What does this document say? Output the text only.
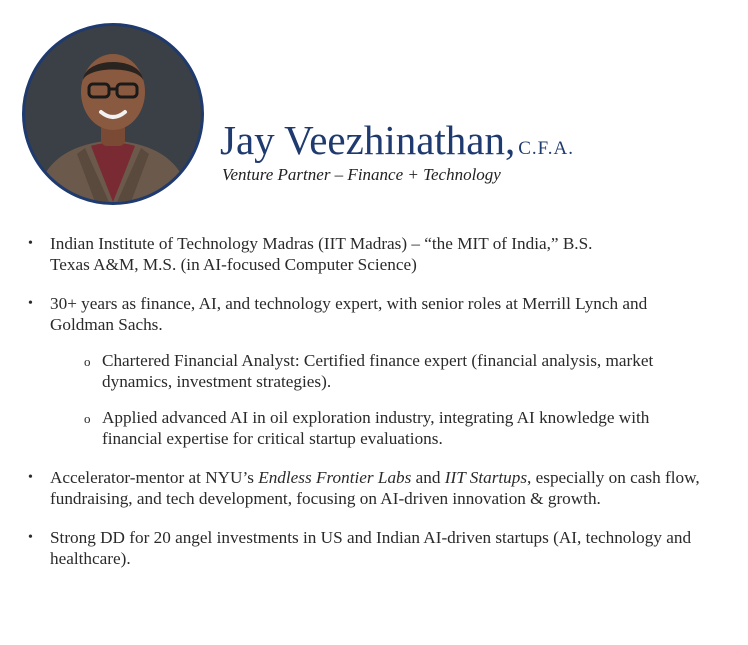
Jay Veezhinathan, C.F.A.
Venture Partner – Finance + Technology
• Indian Institute of Technology Madras (IIT Madras) – “the MIT of India,” B.S.
Texas A&M, M.S. (in AI-focused Computer Science)
• 30+ years as finance, AI, and technology expert, with senior roles at Merrill Lynch and Goldman Sachs.
o Chartered Financial Analyst: Certified finance expert (financial analysis, market dynamics, investment strategies).
o Applied advanced AI in oil exploration industry, integrating AI knowledge with financial expertise for critical startup evaluations.
• Accelerator-mentor at NYU’s Endless Frontier Labs and IIT Startups, especially on cash flow, fundraising, and tech development, focusing on AI-driven innovation & growth.
• Strong DD for 20 angel investments in US and Indian AI-driven startups (AI, technology and healthcare).
